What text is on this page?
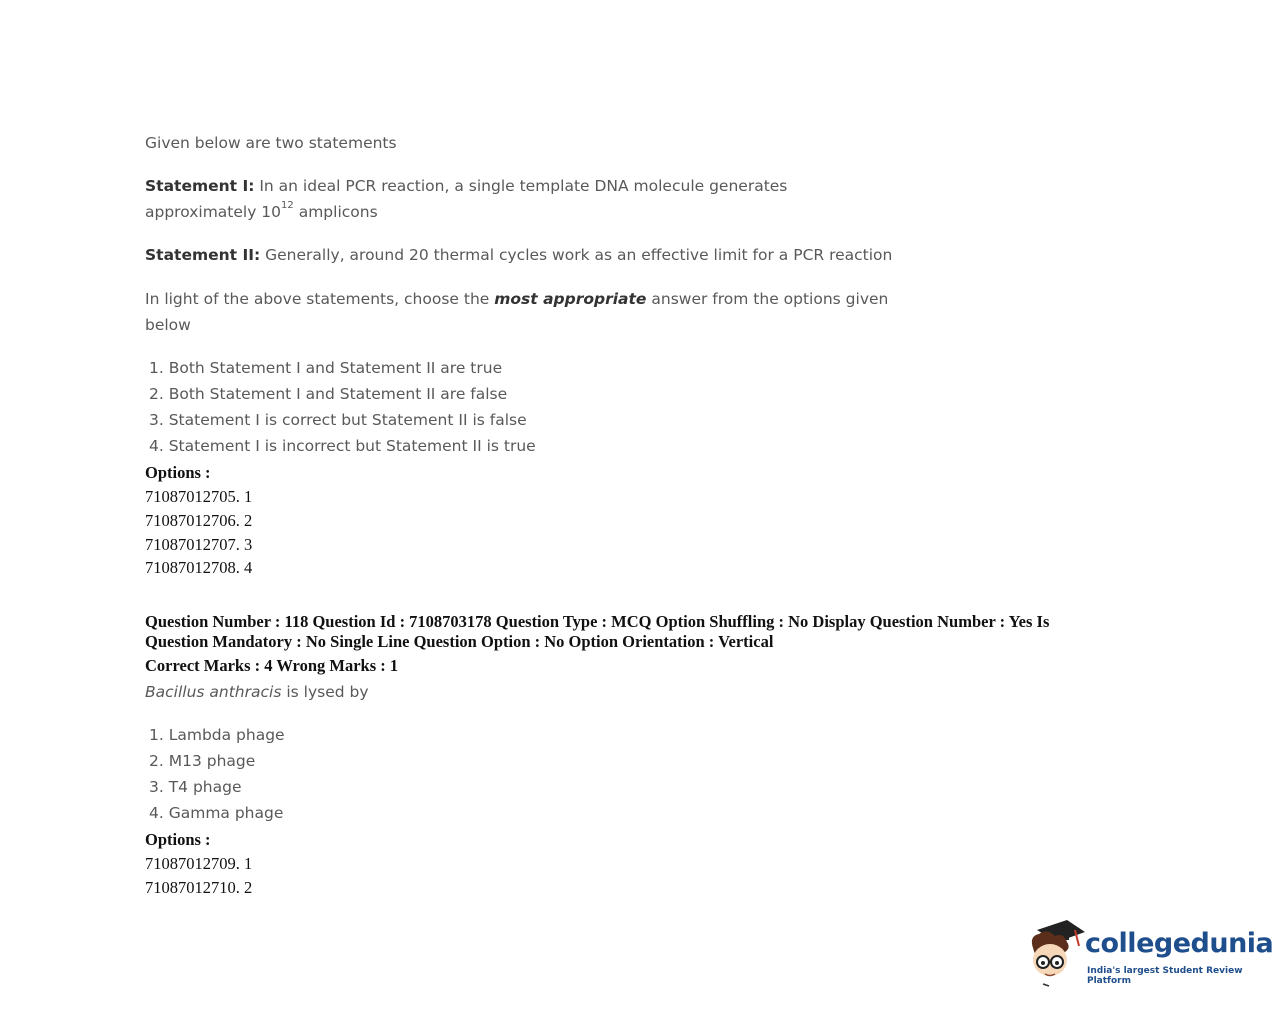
Given below are two statements
Statement I: In an ideal PCR reaction, a single template DNA molecule generates
approximately $10^{12}$ amplicons
Statement II: Generally, around 20 thermal cycles work as an effective limit for a PCR reaction
In light of the above statements, choose the most appropriate answer from the options given
below
1. Both Statement I and Statement II are true
2. Both Statement I and Statement II are false
3. Statement I is correct but Statement II is false
4. Statement I is incorrect but Statement II is true
Options :
71087012705. 1
71087012706. 2
71087012707. 3
71087012708. 4
Question Number : 118 Question Id : 7108703178 Question Type : MCQ Option Shuffling : No Display Question Number : Yes Is
Question Mandatory : No Single Line Question Option : No Option Orientation : Vertical
Correct Marks : 4 Wrong Marks : 1
Bacillus anthracis is lysed by
1. Lambda phage
2. M13 phage
3. T4 phage
4. Gamma phage
Options :
71087012709. 1
71087012710. 2
collegedunia
India's largest Student Review Platform
